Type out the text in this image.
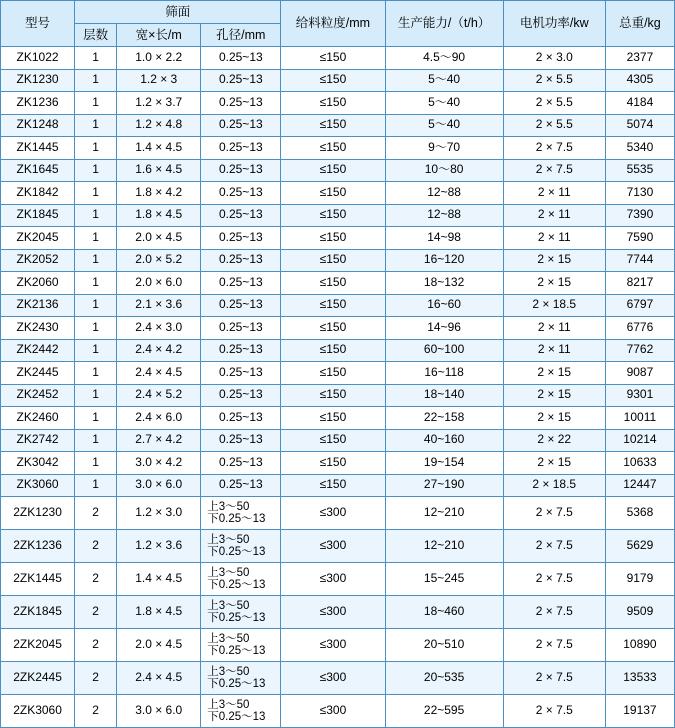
型号	筛面			给料粒度/mm	生产能力/（t/h）	电机功率/kw	总重/kg
	层数	宽×长/m	孔径/mm				
ZK1022	1	1.0 × 2.2	0.25~13	≤150	4.5～90	2 × 3.0	2377
ZK1230	1	1.2 × 3	0.25~13	≤150	5～40	2 × 5.5	4305
ZK1236	1	1.2 × 3.7	0.25~13	≤150	5～40	2 × 5.5	4184
ZK1248	1	1.2 × 4.8	0.25~13	≤150	5～40	2 × 5.5	5074
ZK1445	1	1.4 × 4.5	0.25~13	≤150	9～70	2 × 7.5	5340
ZK1645	1	1.6 × 4.5	0.25~13	≤150	10～80	2 × 7.5	5535
ZK1842	1	1.8 × 4.2	0.25~13	≤150	12~88	2 × 11	7130
ZK1845	1	1.8 × 4.5	0.25~13	≤150	12~88	2 × 11	7390
ZK2045	1	2.0 × 4.5	0.25~13	≤150	14~98	2 × 11	7590
ZK2052	1	2.0 × 5.2	0.25~13	≤150	16~120	2 × 15	7744
ZK2060	1	2.0 × 6.0	0.25~13	≤150	18~132	2 × 15	8217
ZK2136	1	2.1 × 3.6	0.25~13	≤150	16~60	2 × 18.5	6797
ZK2430	1	2.4 × 3.0	0.25~13	≤150	14~96	2 × 11	6776
ZK2442	1	2.4 × 4.2	0.25~13	≤150	60~100	2 × 11	7762
ZK2445	1	2.4 × 4.5	0.25~13	≤150	16~118	2 × 15	9087
ZK2452	1	2.4 × 5.2	0.25~13	≤150	18~140	2 × 15	9301
ZK2460	1	2.4 × 6.0	0.25~13	≤150	22~158	2 × 15	10011
ZK2742	1	2.7 × 4.2	0.25~13	≤150	40~160	2 × 22	10214
ZK3042	1	3.0 × 4.2	0.25~13	≤150	19~154	2 × 15	10633
ZK3060	1	3.0 × 6.0	0.25~13	≤150	27~190	2 × 18.5	12447
2ZK1230	2	1.2 × 3.0	上3～50
下0.25～13	≤300	12~210	2 × 7.5	5368
2ZK1236	2	1.2 × 3.6	上3～50
下0.25～13	≤300	12~210	2 × 7.5	5629
2ZK1445	2	1.4 × 4.5	上3～50
下0.25～13	≤300	15~245	2 × 7.5	9179
2ZK1845	2	1.8 × 4.5	上3～50
下0.25～13	≤300	18~460	2 × 7.5	9509
2ZK2045	2	2.0 × 4.5	上3～50
下0.25～13	≤300	20~510	2 × 7.5	10890
2ZK2445	2	2.4 × 4.5	上3～50
下0.25～13	≤300	20~535	2 × 7.5	13533
2ZK3060	2	3.0 × 6.0	上3～50
下0.25～13	≤300	22~595	2 × 7.5	19137
